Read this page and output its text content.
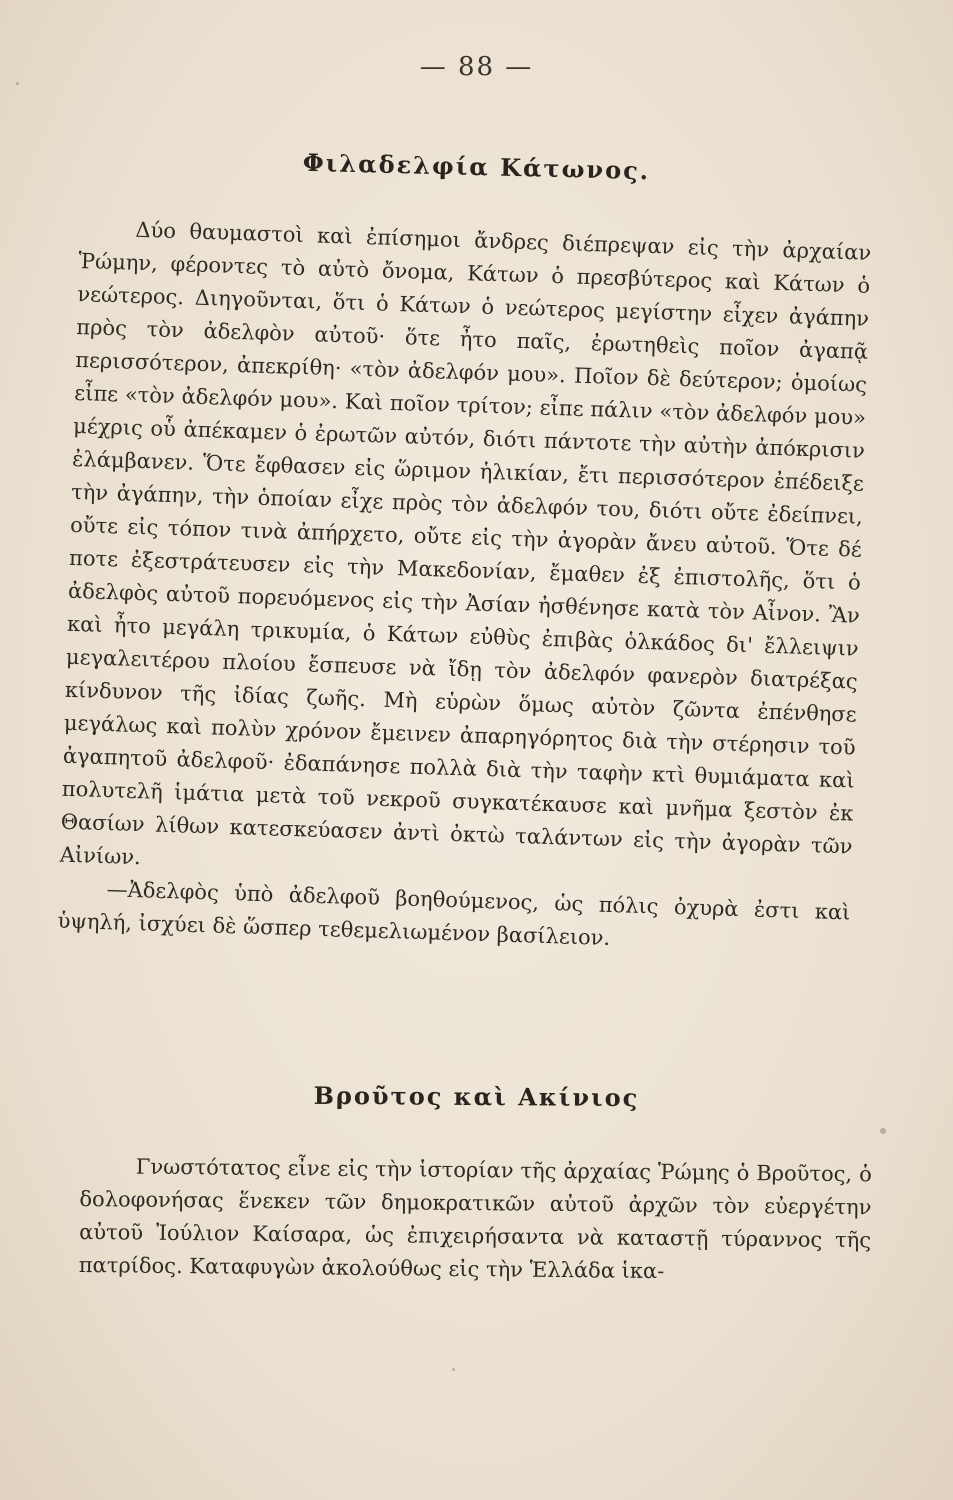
— 88 —
Φιλαδελφία Κάτωνος.

Δύο θαυμαστοὶ καὶ ἐπίσημοι ἄνδρες διέπρεψαν εἰς τὴν ἀρχαίαν Ῥώμην, φέροντες τὸ αὐτὸ ὄνομα, Κάτων ὁ πρεσβύτερος καὶ Κάτων ὁ νεώτερος. Διηγοῦνται, ὅτι ὁ Κάτων ὁ νεώτερος μεγίστην εἶχεν ἀγάπην πρὸς τὸν ἀδελφὸν αὐτοῦ· ὅτε ἦτο παῖς, ἐρωτηθεὶς ποῖον ἀγαπᾷ περισσότερον, ἀπεκρίθη· «τὸν ἀδελφόν μου». Ποῖον δὲ δεύτερον; ὁμοίως εἶπε «τὸν ἀδελφόν μου». Καὶ ποῖον τρίτον; εἶπε πάλιν «τὸν ἀδελφόν μου» μέχρις οὗ ἀπέκαμεν ὁ ἐρωτῶν αὐτόν, διότι πάντοτε τὴν αὐτὴν ἀπόκρισιν ἐλάμβανεν. Ὅτε ἔφθασεν εἰς ὥριμον ἡλικίαν, ἔτι περισσότερον ἐπέδειξε τὴν ἀγάπην, τὴν ὁποίαν εἶχε πρὸς τὸν ἀδελφόν του, διότι οὔτε ἐδείπνει, οὔτε εἰς τόπον τινὰ ἀπήρχετο, οὔτε εἰς τὴν ἀγορὰν ἄνευ αὐτοῦ. Ὅτε δέ ποτε ἐξεστράτευσεν εἰς τὴν Μακεδονίαν, ἔμαθεν ἐξ ἐπιστολῆς, ὅτι ὁ ἀδελφὸς αὐτοῦ πορευόμενος εἰς τὴν Ἀσίαν ἠσθένησε κατὰ τὸν Αἶνον. Ἂν καὶ ἦτο μεγάλη τρικυμία, ὁ Κάτων εὐθὺς ἐπιβὰς ὁλκάδος δι' ἔλλειψιν μεγαλειτέρου πλοίου ἔσπευσε νὰ ἴδῃ τὸν ἀδελφόν φανερὸν διατρέξας κίνδυνον τῆς ἰδίας ζωῆς. Μὴ εὑρὼν ὅμως αὐτὸν ζῶντα ἐπένθησε μεγάλως καὶ πολὺν χρόνον ἔμεινεν ἀπαρηγόρητος διὰ τὴν στέρησιν τοῦ ἀγαπητοῦ ἀδελφοῦ· ἐδαπάνησε πολλὰ διὰ τὴν ταφὴν κτὶ θυμιάματα καὶ πολυτελῆ ἱμάτια μετὰ τοῦ νεκροῦ συγκατέκαυσε καὶ μνῆμα ξεστὸν ἐκ Θασίων λίθων κατεσκεύασεν ἀντὶ ὀκτὼ ταλάντων εἰς τὴν ἀγορὰν τῶν Αἰνίων.

—Ἀδελφὸς ὑπὸ ἀδελφοῦ βοηθούμενος, ὡς πόλις ὀχυρὰ ἐστι καὶ ὑψηλή, ἰσχύει δὲ ὥσπερ τεθεμελιωμένον βασίλειον.

Βροῦτος καὶ Ακίνιος

Γνωστότατος εἶνε εἰς τὴν ἱστορίαν τῆς ἀρχαίας Ῥώμης ὁ Βροῦτος, ὁ δολοφονήσας ἕνεκεν τῶν δημοκρατικῶν αὐτοῦ ἀρχῶν τὸν εὐεργέτην αὐτοῦ Ἰούλιον Καίσαρα, ὡς ἐπιχειρήσαντα νὰ καταστῇ τύραννος τῆς πατρίδος. Καταφυγὼν ἀκολούθως εἰς τὴν Ἑλλάδα ἱκα-
